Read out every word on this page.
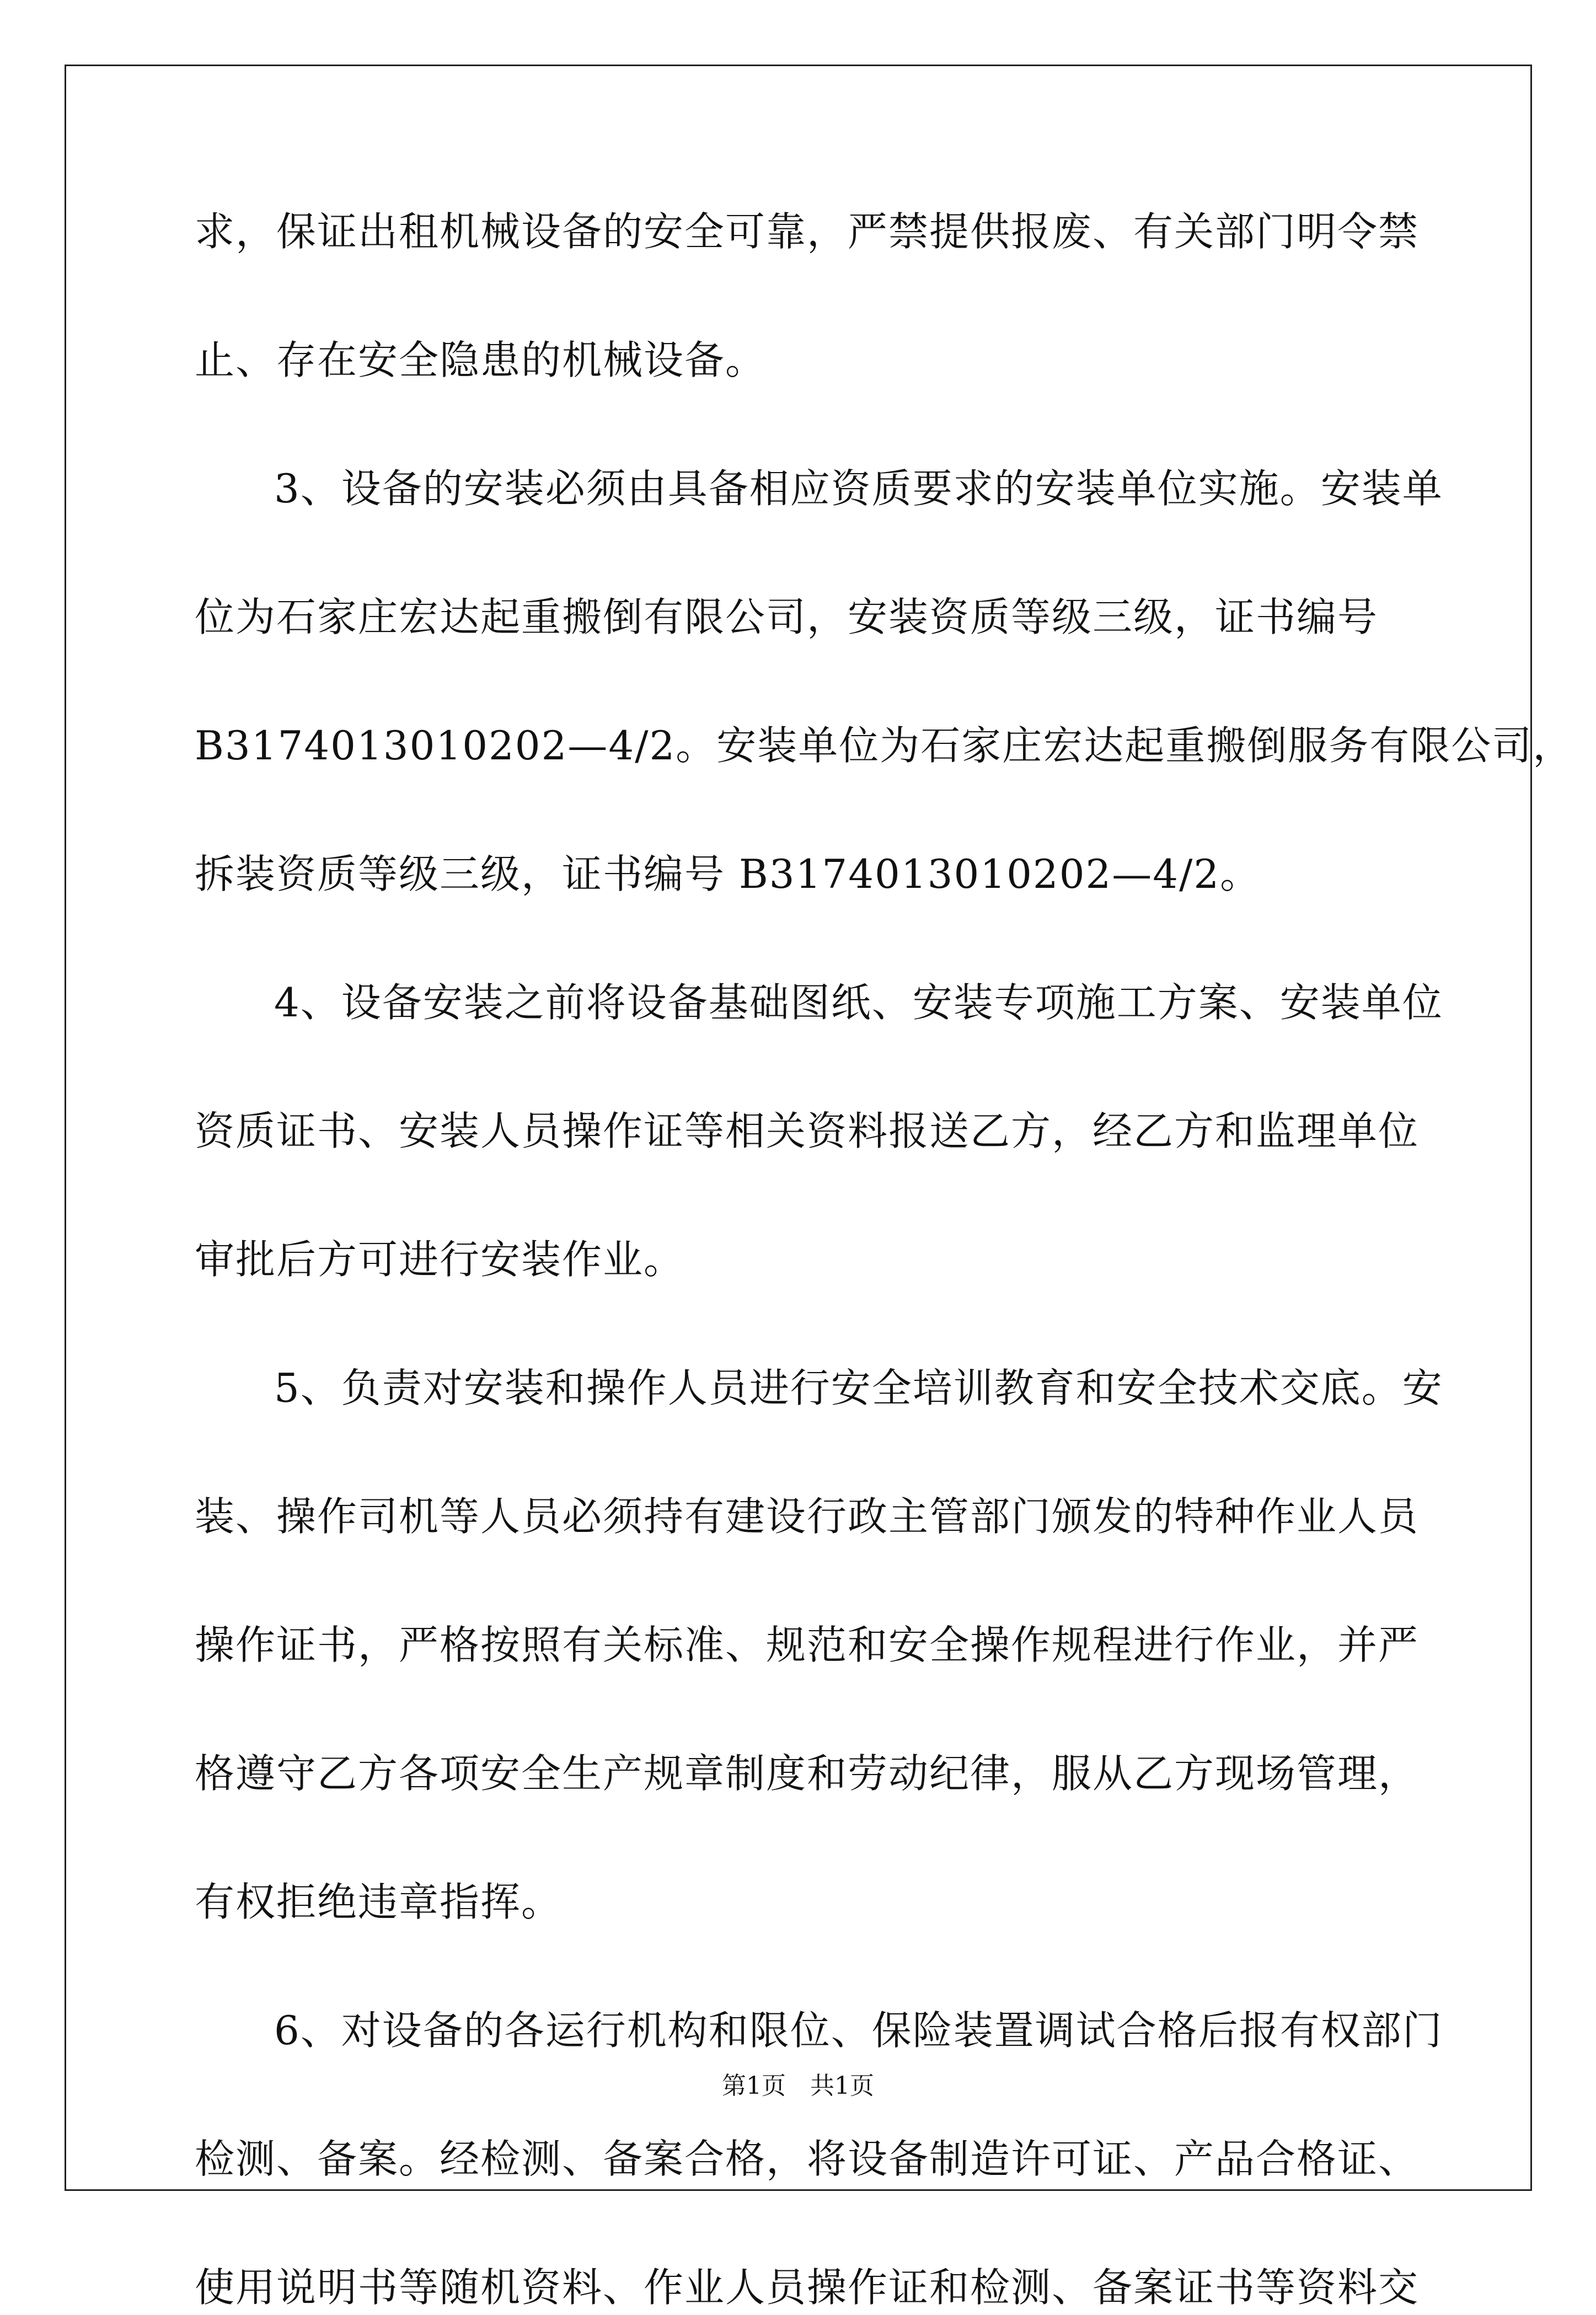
求，保证出租机械设备的安全可靠，严禁提供报废、有关部门明令禁
止、存在安全隐患的机械设备。
3、设备的安装必须由具备相应资质要求的安装单位实施。安装单
位为石家庄宏达起重搬倒有限公司，安装资质等级三级，证书编号
B3174013010202—4/2。安装单位为石家庄宏达起重搬倒服务有限公司，
拆装资质等级三级，证书编号 B3174013010202—4/2。
4、设备安装之前将设备基础图纸、安装专项施工方案、安装单位
资质证书、安装人员操作证等相关资料报送乙方，经乙方和监理单位
审批后方可进行安装作业。
5、负责对安装和操作人员进行安全培训教育和安全技术交底。安
装、操作司机等人员必须持有建设行政主管部门颁发的特种作业人员
操作证书，严格按照有关标准、规范和安全操作规程进行作业，并严
格遵守乙方各项安全生产规章制度和劳动纪律，服从乙方现场管理，
有权拒绝违章指挥。
6、对设备的各运行机构和限位、保险装置调试合格后报有权部门
检测、备案。经检测、备案合格，将设备制造许可证、产品合格证、
使用说明书等随机资料、作业人员操作证和检测、备案证书等资料交
第1页　共1页
